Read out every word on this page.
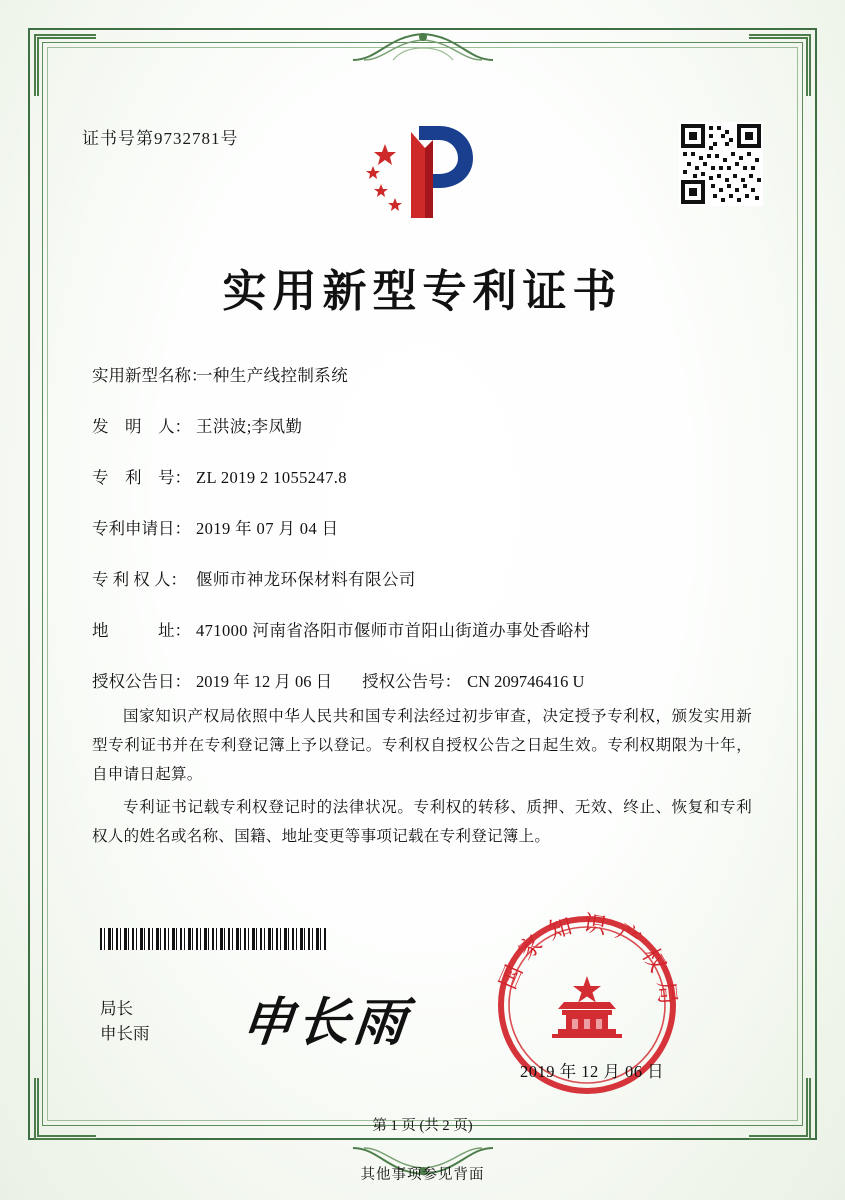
证书号第9732781号
实用新型专利证书
实用新型名称：
一种生产线控制系统
发　明　人： 王洪波;李凤勤
专　利　号： ZL 2019 2 1055247.8
专利申请日： 2019 年 07 月 04 日
专 利 权 人： 偃师市神龙环保材料有限公司
地　　　址： 471000 河南省洛阳市偃师市首阳山街道办事处香峪村
授权公告日： 2019 年 12 月 06 日 授权公告号： CN 209746416 U

国家知识产权局依照中华人民共和国专利法经过初步审查，决定授予专利权，颁发实用新型专利证书并在专利登记簿上予以登记。专利权自授权公告之日起生效。专利权期限为十年，自申请日起算。

专利证书记载专利权登记时的法律状况。专利权的转移、质押、无效、终止、恢复和专利权人的姓名或名称、国籍、地址变更等事项记载在专利登记簿上。

局长
申长雨 申长雨
国家知识产权局
2019 年 12 月 06 日
第 1 页 (共 2 页)
其他事项参见背面
